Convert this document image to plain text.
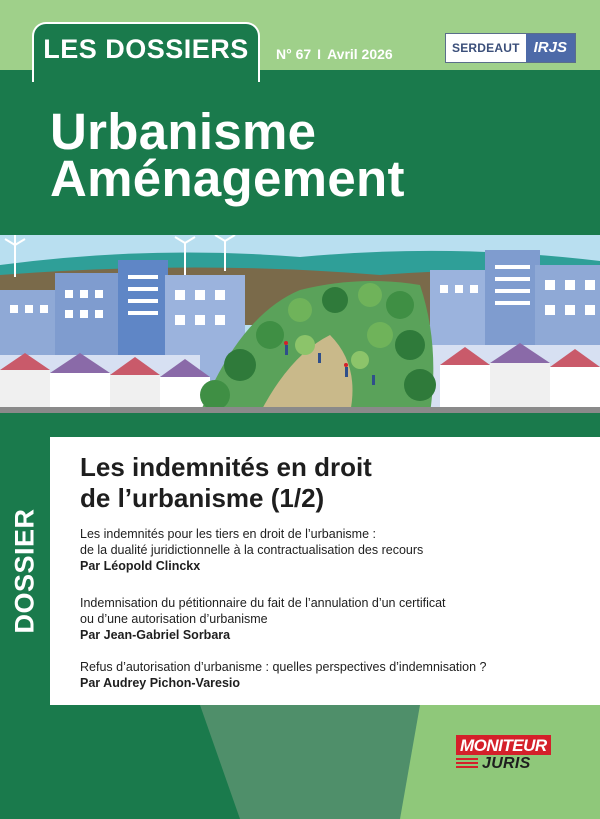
LES DOSSIERS	N° 67 I Avril 2026	SERDEAUT IRJS
Urbanisme
Aménagement
DOSSIER
Les indemnités en droit
de l’urbanisme (1/2)
Les indemnités pour les tiers en droit de l’urbanisme :
de la dualité juridictionnelle à la contractualisation des recours
Par Léopold Clinckx
Indemnisation du pétitionnaire du fait de l’annulation d’un certificat
ou d’une autorisation d’urbanisme
Par Jean-Gabriel Sorbara
Refus d’autorisation d’urbanisme : quelles perspectives d’indemnisation ?
Par Audrey Pichon-Varesio
MONITEUR
JURIS
